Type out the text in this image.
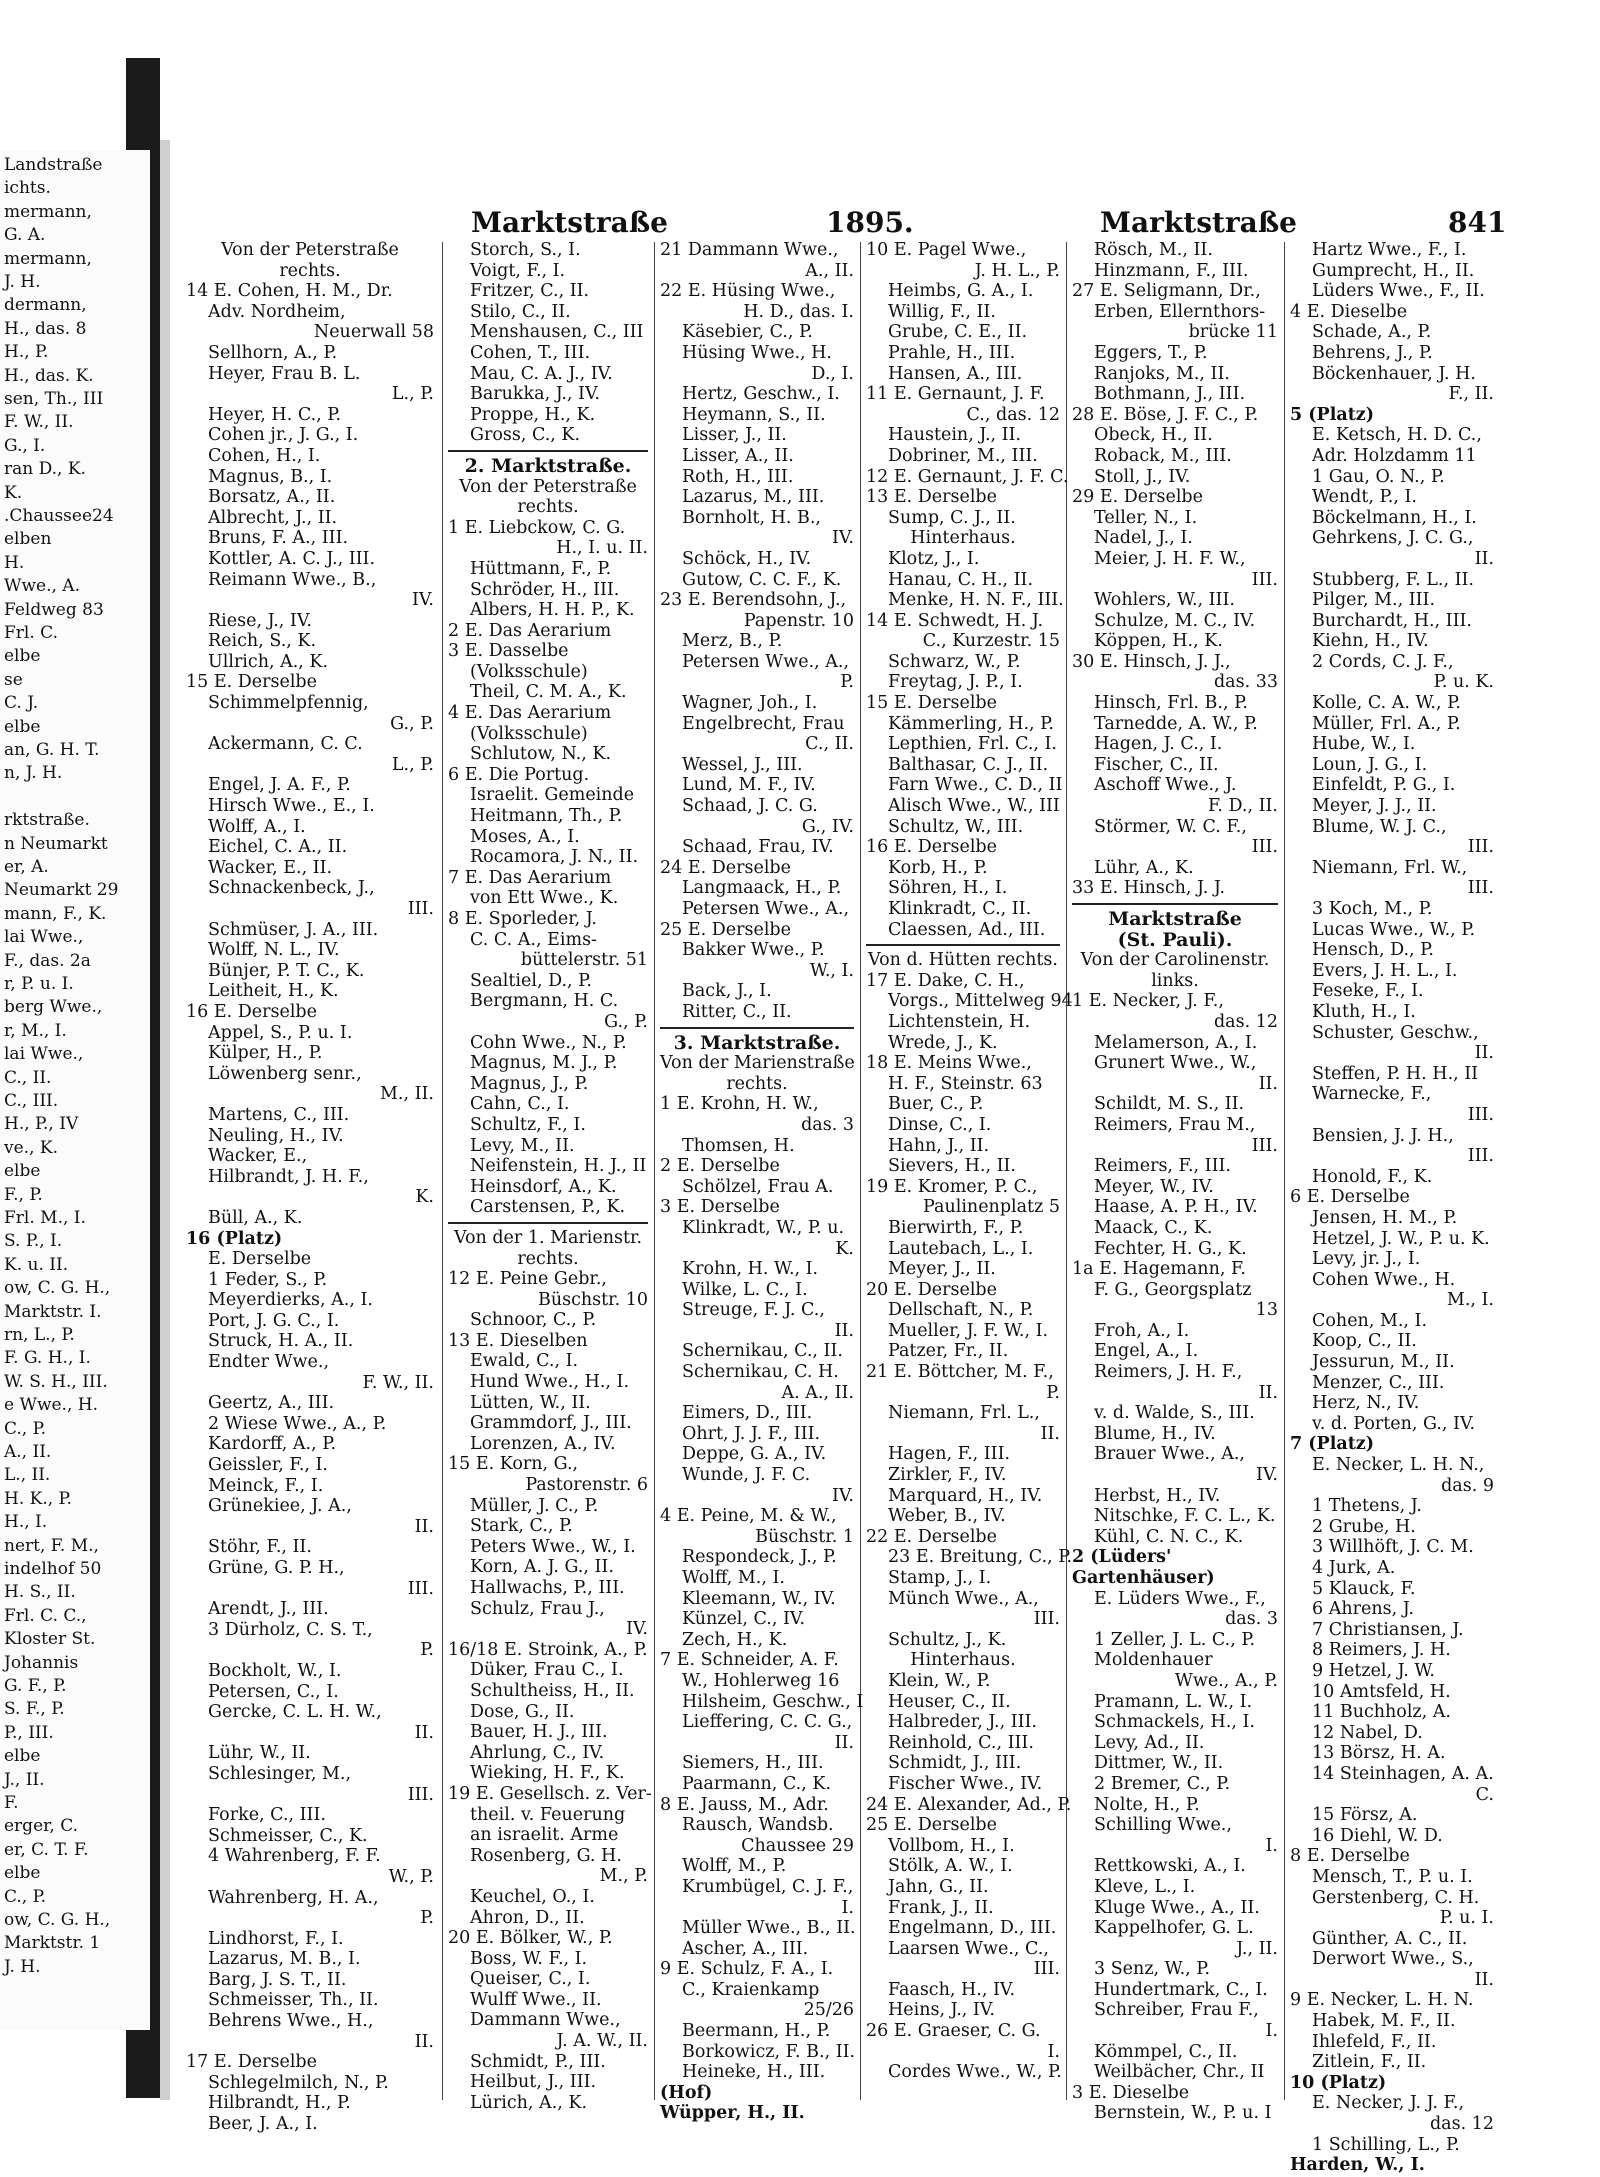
Landstraße
ichts.
mermann,
G. A.
mermann,
J. H.
dermann,
H., das. 8
H., P.
H., das. K.
sen, Th., III
F. W., II.
G., I.
ran D., K.
K.
.Chaussee24
elben
H.
Wwe., A.
Feldweg 83
Frl. C.
elbe
se
C. J.
elbe
an, G. H. T.
n, J. H.
rktstraße.
n Neumarkt
er, A.
Neumarkt 29
mann, F., K.
lai Wwe.,
F., das. 2a
r, P. u. I.
berg Wwe.,
r, M., I.
lai Wwe.,
C., II.
C., III.
H., P., IV
ve., K.
elbe
F., P.
Frl. M., I.
S. P., I.
K. u. II.
ow, C. G. H.,
Marktstr. I.
rn, L., P.
F. G. H., I.
W. S. H., III.
e Wwe., H.
C., P.
A., II.
L., II.
H. K., P.
H., I.
nert, F. M.,
indelhof 50
H. S., II.
Frl. C. C.,
Kloster St.
Johannis
G. F., P.
S. F., P.
P., III.
elbe
J., II.
F.
erger, C.
er, C. T. F.
elbe
C., P.
ow, C. G. H.,
Marktstr. 1
J. H.
Marktstraße	1895.	Marktstraße	841
Von der Peterstraße
rechts.
14 E. Cohen, H. M., Dr.
Adv. Nordheim,
Neuerwall 58
Sellhorn, A., P.
Heyer, Frau B. L.
L., P.
Heyer, H. C., P.
Cohen jr., J. G., I.
Cohen, H., I.
Magnus, B., I.
Borsatz, A., II.
Albrecht, J., II.
Bruns, F. A., III.
Kottler, A. C. J., III.
Reimann Wwe., B.,
IV.
Riese, J., IV.
Reich, S., K.
Ullrich, A., K.
15 E. Derselbe
Schimmelpfennig,
G., P.
Ackermann, C. C.
L., P.
Engel, J. A. F., P.
Hirsch Wwe., E., I.
Wolff, A., I.
Eichel, C. A., II.
Wacker, E., II.
Schnackenbeck, J.,
III.
Schmüser, J. A., III.
Wolff, N. L., IV.
Bünjer, P. T. C., K.
Leitheit, H., K.
16 E. Derselbe
Appel, S., P. u. I.
Külper, H., P.
Löwenberg senr.,
M., II.
Martens, C., III.
Neuling, H., IV.
Wacker, E.,
Hilbrandt, J. H. F.,
K.
Büll, A., K.
16 (Platz)
E. Derselbe
1 Feder, S., P.
Meyerdierks, A., I.
Port, J. G. C., I.
Struck, H. A., II.
Endter Wwe.,
F. W., II.
Geertz, A., III.
2 Wiese Wwe., A., P.
Kardorff, A., P.
Geissler, F., I.
Meinck, F., I.
Grünekiee, J. A.,
II.
Stöhr, F., II.
Grüne, G. P. H.,
III.
Arendt, J., III.
3 Dürholz, C. S. T.,
P.
Bockholt, W., I.
Petersen, C., I.
Gercke, C. L. H. W.,
II.
Lühr, W., II.
Schlesinger, M.,
III.
Forke, C., III.
Schmeisser, C., K.
4 Wahrenberg, F. F.
W., P.
Wahrenberg, H. A.,
P.
Lindhorst, F., I.
Lazarus, M. B., I.
Barg, J. S. T., II.
Schmeisser, Th., II.
Behrens Wwe., H.,
II.
17 E. Derselbe
Schlegelmilch, N., P.
Hilbrandt, H., P.
Beer, J. A., I.
Storch, S., I.
Voigt, F., I.
Fritzer, C., II.
Stilo, C., II.
Menshausen, C., III
Cohen, T., III.
Mau, C. A. J., IV.
Barukka, J., IV.
Proppe, H., K.
Gross, C., K.
2. Marktstraße.
Von der Peterstraße
rechts.
1 E. Liebckow, C. G.
H., I. u. II.
Hüttmann, F., P.
Schröder, H., III.
Albers, H. H. P., K.
2 E. Das Aerarium
3 E. Dasselbe
(Volksschule)
Theil, C. M. A., K.
4 E. Das Aerarium
(Volksschule)
Schlutow, N., K.
6 E. Die Portug.
Israelit. Gemeinde
Heitmann, Th., P.
Moses, A., I.
Rocamora, J. N., II.
7 E. Das Aerarium
von Ett Wwe., K.
8 E. Sporleder, J.
C. C. A., Eims-
büttelerstr. 51
Sealtiel, D., P.
Bergmann, H. C.
G., P.
Cohn Wwe., N., P.
Magnus, M. J., P.
Magnus, J., P.
Cahn, C., I.
Schultz, F., I.
Levy, M., II.
Neifenstein, H. J., II
Heinsdorf, A., K.
Carstensen, P., K.
Von der 1. Marienstr.
rechts.
12 E. Peine Gebr.,
Büschstr. 10
Schnoor, C., P.
13 E. Dieselben
Ewald, C., I.
Hund Wwe., H., I.
Lütten, W., II.
Grammdorf, J., III.
Lorenzen, A., IV.
15 E. Korn, G.,
Pastorenstr. 6
Müller, J. C., P.
Stark, C., P.
Peters Wwe., W., I.
Korn, A. J. G., II.
Hallwachs, P., III.
Schulz, Frau J.,
IV.
16/18 E. Stroink, A., P.
Düker, Frau C., I.
Schultheiss, H., II.
Dose, G., II.
Bauer, H. J., III.
Ahrlung, C., IV.
Wieking, H. F., K.
19 E. Gesellsch. z. Ver-
theil. v. Feuerung
an israelit. Arme
Rosenberg, G. H.
M., P.
Keuchel, O., I.
Ahron, D., II.
20 E. Bölker, W., P.
Boss, W. F., I.
Queiser, C., I.
Wulff Wwe., II.
Dammann Wwe.,
J. A. W., II.
Schmidt, P., III.
Heilbut, J., III.
Lürich, A., K.
21 Dammann Wwe.,
A., II.
22 E. Hüsing Wwe.,
H. D., das. I.
Käsebier, C., P.
Hüsing Wwe., H.
D., I.
Hertz, Geschw., I.
Heymann, S., II.
Lisser, J., II.
Lisser, A., II.
Roth, H., III.
Lazarus, M., III.
Bornholt, H. B.,
IV.
Schöck, H., IV.
Gutow, C. C. F., K.
23 E. Berendsohn, J.,
Papenstr. 10
Merz, B., P.
Petersen Wwe., A.,
P.
Wagner, Joh., I.
Engelbrecht, Frau
C., II.
Wessel, J., III.
Lund, M. F., IV.
Schaad, J. C. G.
G., IV.
Schaad, Frau, IV.
24 E. Derselbe
Langmaack, H., P.
Petersen Wwe., A.,
25 E. Derselbe
Bakker Wwe., P.
W., I.
Back, J., I.
Ritter, C., II.
3. Marktstraße.
Von der Marienstraße
rechts.
1 E. Krohn, H. W.,
das. 3
Thomsen, H.
2 E. Derselbe
Schölzel, Frau A.
3 E. Derselbe
Klinkradt, W., P. u.
K.
Krohn, H. W., I.
Wilke, L. C., I.
Streuge, F. J. C.,
II.
Schernikau, C., II.
Schernikau, C. H.
A. A., II.
Eimers, D., III.
Ohrt, J. J. F., III.
Deppe, G. A., IV.
Wunde, J. F. C.
IV.
4 E. Peine, M. & W.,
Büschstr. 1
Respondeck, J., P.
Wolff, M., I.
Kleemann, W., IV.
Künzel, C., IV.
Zech, H., K.
7 E. Schneider, A. F.
W., Hohlerweg 16
Hilsheim, Geschw., I
Lieffering, C. C. G.,
II.
Siemers, H., III.
Paarmann, C., K.
8 E. Jauss, M., Adr.
Rausch, Wandsb.
Chaussee 29
Wolff, M., P.
Krumbügel, C. J. F.,
I.
Müller Wwe., B., II.
Ascher, A., III.
9 E. Schulz, F. A., I.
C., Kraienkamp
25/26
Beermann, H., P.
Borkowicz, F. B., II.
Heineke, H., III.
(Hof)
Wüpper, H., II.
10 E. Pagel Wwe.,
J. H. L., P.
Heimbs, G. A., I.
Willig, F., II.
Grube, C. E., II.
Prahle, H., III.
Hansen, A., III.
11 E. Gernaunt, J. F.
C., das. 12
Haustein, J., II.
Dobriner, M., III.
12 E. Gernaunt, J. F. C.
13 E. Derselbe
Sump, C. J., II.
Hinterhaus.
Klotz, J., I.
Hanau, C. H., II.
Menke, H. N. F., III.
14 E. Schwedt, H. J.
C., Kurzestr. 15
Schwarz, W., P.
Freytag, J. P., I.
15 E. Derselbe
Kämmerling, H., P.
Lepthien, Frl. C., I.
Balthasar, C. J., II.
Farn Wwe., C. D., II
Alisch Wwe., W., III
Schultz, W., III.
16 E. Derselbe
Korb, H., P.
Söhren, H., I.
Klinkradt, C., II.
Claessen, Ad., III.
Von d. Hütten rechts.
17 E. Dake, C. H.,
Vorgs., Mittelweg 94
Lichtenstein, H.
Wrede, J., K.
18 E. Meins Wwe.,
H. F., Steinstr. 63
Buer, C., P.
Dinse, C., I.
Hahn, J., II.
Sievers, H., II.
19 E. Kromer, P. C.,
Paulinenplatz 5
Bierwirth, F., P.
Lautebach, L., I.
Meyer, J., II.
20 E. Derselbe
Dellschaft, N., P.
Mueller, J. F. W., I.
Patzer, Fr., II.
21 E. Böttcher, M. F.,
P.
Niemann, Frl. L.,
II.
Hagen, F., III.
Zirkler, F., IV.
Marquard, H., IV.
Weber, B., IV.
22 E. Derselbe
23 E. Breitung, C., P.
Stamp, J., I.
Münch Wwe., A.,
III.
Schultz, J., K.
Hinterhaus.
Klein, W., P.
Heuser, C., II.
Halbreder, J., III.
Reinhold, C., III.
Schmidt, J., III.
Fischer Wwe., IV.
24 E. Alexander, Ad., P.
25 E. Derselbe
Vollbom, H., I.
Stölk, A. W., I.
Jahn, G., II.
Frank, J., II.
Engelmann, D., III.
Laarsen Wwe., C.,
III.
Faasch, H., IV.
Heins, J., IV.
26 E. Graeser, C. G.
I.
Cordes Wwe., W., P.
Rösch, M., II.
Hinzmann, F., III.
27 E. Seligmann, Dr.,
Erben, Ellernthors-
brücke 11
Eggers, T., P.
Ranjoks, M., II.
Bothmann, J., III.
28 E. Böse, J. F. C., P.
Obeck, H., II.
Roback, M., III.
Stoll, J., IV.
29 E. Derselbe
Teller, N., I.
Nadel, J., I.
Meier, J. H. F. W.,
III.
Wohlers, W., III.
Schulze, M. C., IV.
Köppen, H., K.
30 E. Hinsch, J. J.,
das. 33
Hinsch, Frl. B., P.
Tarnedde, A. W., P.
Hagen, J. C., I.
Fischer, C., II.
Aschoff Wwe., J.
F. D., II.
Störmer, W. C. F.,
III.
Lühr, A., K.
33 E. Hinsch, J. J.
Marktstraße
(St. Pauli).
Von der Carolinenstr.
links.
1 E. Necker, J. F.,
das. 12
Melamerson, A., I.
Grunert Wwe., W.,
II.
Schildt, M. S., II.
Reimers, Frau M.,
III.
Reimers, F., III.
Meyer, W., IV.
Haase, A. P. H., IV.
Maack, C., K.
Fechter, H. G., K.
1a E. Hagemann, F.
F. G., Georgsplatz
13
Froh, A., I.
Engel, A., I.
Reimers, J. H. F.,
II.
v. d. Walde, S., III.
Blume, H., IV.
Brauer Wwe., A.,
IV.
Herbst, H., IV.
Nitschke, F. C. L., K.
Kühl, C. N. C., K.
2 (Lüders'
Gartenhäuser)
E. Lüders Wwe., F.,
das. 3
1 Zeller, J. L. C., P.
Moldenhauer
Wwe., A., P.
Pramann, L. W., I.
Schmackels, H., I.
Levy, Ad., II.
Dittmer, W., II.
2 Bremer, C., P.
Nolte, H., P.
Schilling Wwe.,
I.
Rettkowski, A., I.
Kleve, L., I.
Kluge Wwe., A., II.
Kappelhofer, G. L.
J., II.
3 Senz, W., P.
Hundertmark, C., I.
Schreiber, Frau F.,
I.
Kömmpel, C., II.
Weilbächer, Chr., II
3 E. Dieselbe
Bernstein, W., P. u. I
Hartz Wwe., F., I.
Gumprecht, H., II.
Lüders Wwe., F., II.
4 E. Dieselbe
Schade, A., P.
Behrens, J., P.
Böckenhauer, J. H.
F., II.
5 (Platz)
E. Ketsch, H. D. C.,
Adr. Holzdamm 11
1 Gau, O. N., P.
Wendt, P., I.
Böckelmann, H., I.
Gehrkens, J. C. G.,
II.
Stubberg, F. L., II.
Pilger, M., III.
Burchardt, H., III.
Kiehn, H., IV.
2 Cords, C. J. F.,
P. u. K.
Kolle, C. A. W., P.
Müller, Frl. A., P.
Hube, W., I.
Loun, J. G., I.
Einfeldt, P. G., I.
Meyer, J. J., II.
Blume, W. J. C.,
III.
Niemann, Frl. W.,
III.
3 Koch, M., P.
Lucas Wwe., W., P.
Hensch, D., P.
Evers, J. H. L., I.
Feseke, F., I.
Kluth, H., I.
Schuster, Geschw.,
II.
Steffen, P. H. H., II
Warnecke, F.,
III.
Bensien, J. J. H.,
III.
Honold, F., K.
6 E. Derselbe
Jensen, H. M., P.
Hetzel, J. W., P. u. K.
Levy, jr. J., I.
Cohen Wwe., H.
M., I.
Cohen, M., I.
Koop, C., II.
Jessurun, M., II.
Menzer, C., III.
Herz, N., IV.
v. d. Porten, G., IV.
7 (Platz)
E. Necker, L. H. N.,
das. 9
1 Thetens, J.
2 Grube, H.
3 Willhöft, J. C. M.
4 Jurk, A.
5 Klauck, F.
6 Ahrens, J.
7 Christiansen, J.
8 Reimers, J. H.
9 Hetzel, J. W.
10 Amtsfeld, H.
11 Buchholz, A.
12 Nabel, D.
13 Börsz, H. A.
14 Steinhagen, A. A.
C.
15 Försz, A.
16 Diehl, W. D.
8 E. Derselbe
Mensch, T., P. u. I.
Gerstenberg, C. H.
P. u. I.
Günther, A. C., II.
Derwort Wwe., S.,
II.
9 E. Necker, L. H. N.
Habek, M. F., II.
Ihlefeld, F., II.
Zitlein, F., II.
10 (Platz)
E. Necker, J. J. F.,
das. 12
1 Schilling, L., P.
Harden, W., I.
